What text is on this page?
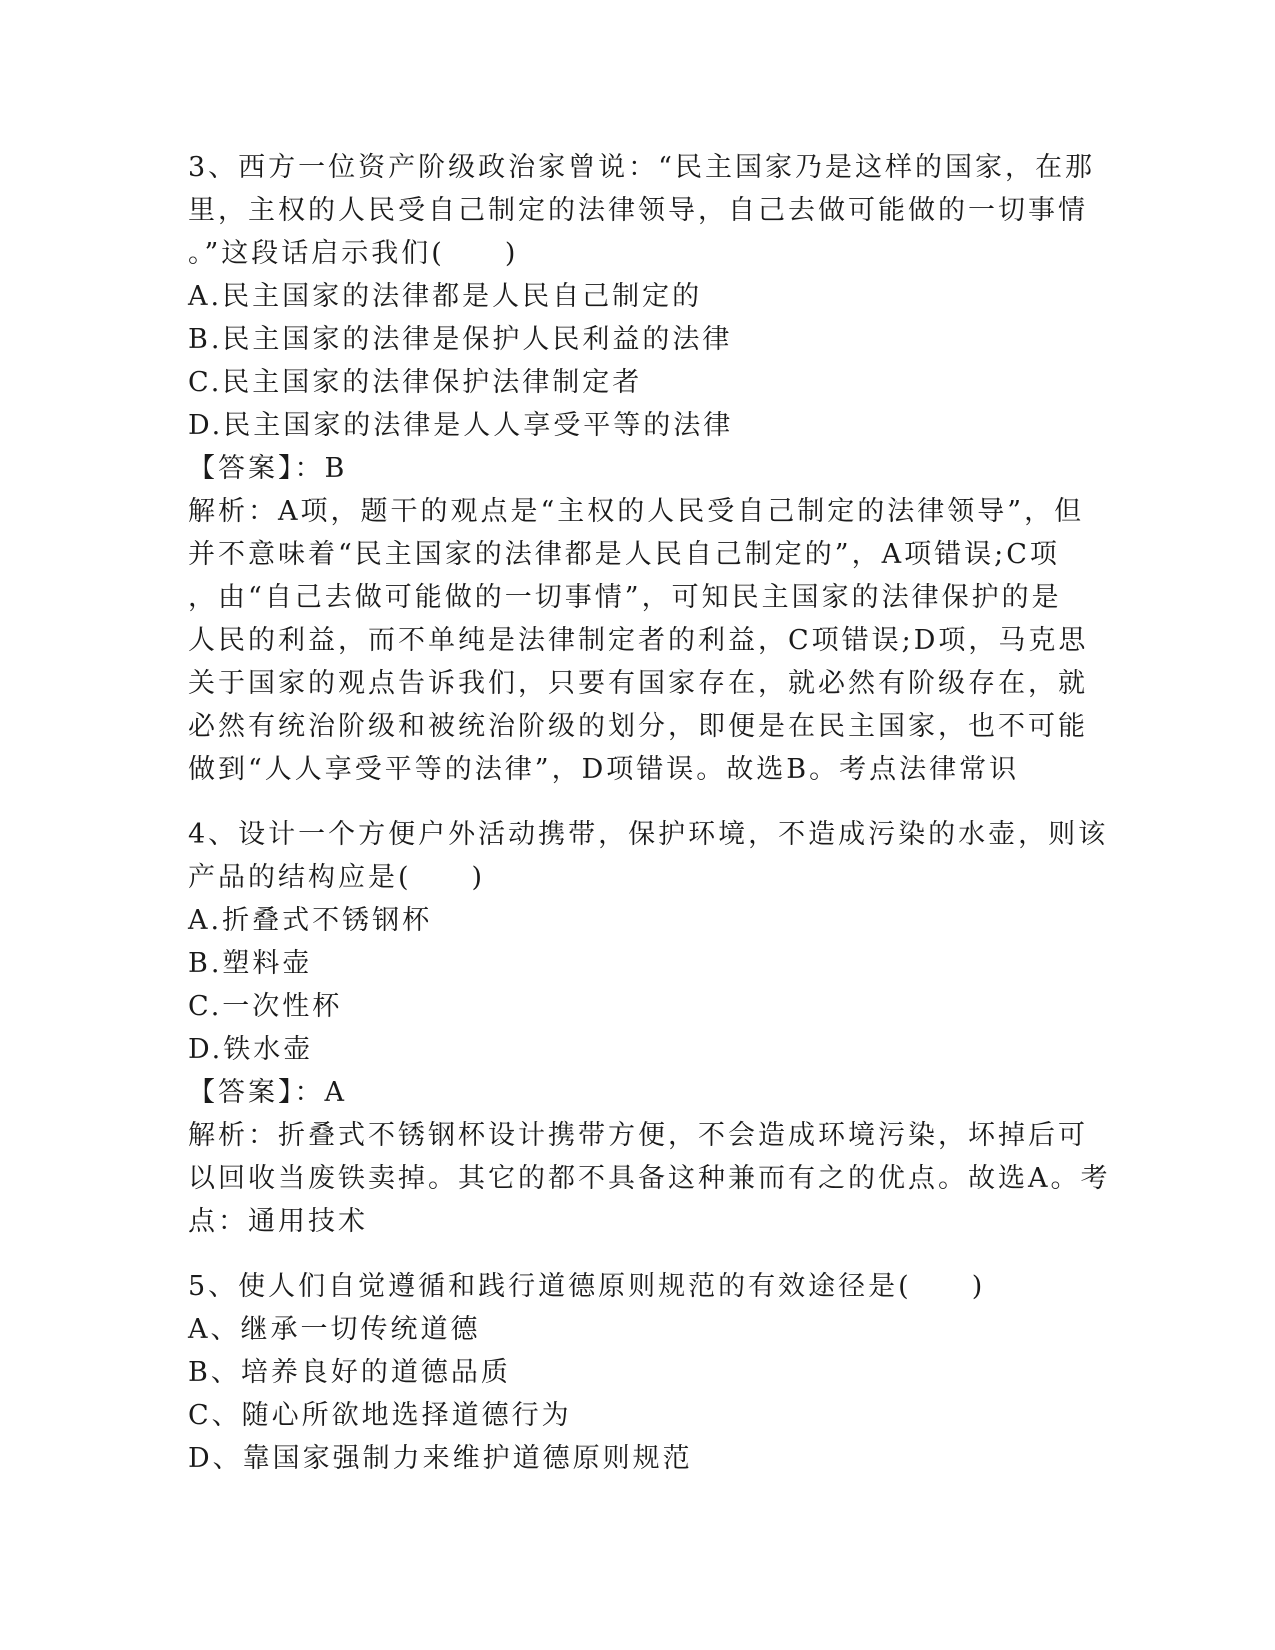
3、西方一位资产阶级政治家曾说：“民主国家乃是这样的国家，在那
里，主权的人民受自己制定的法律领导，自己去做可能做的一切事情
。”这段话启示我们(　　)
A.民主国家的法律都是人民自己制定的
B.民主国家的法律是保护人民利益的法律
C.民主国家的法律保护法律制定者
D.民主国家的法律是人人享受平等的法律
【答案】：B
解析：A项，题干的观点是“主权的人民受自己制定的法律领导”，但
并不意味着“民主国家的法律都是人民自己制定的”，A项错误;C项
，由“自己去做可能做的一切事情”，可知民主国家的法律保护的是
人民的利益，而不单纯是法律制定者的利益，C项错误;D项，马克思
关于国家的观点告诉我们，只要有国家存在，就必然有阶级存在，就
必然有统治阶级和被统治阶级的划分，即便是在民主国家，也不可能
做到“人人享受平等的法律”，D项错误。故选B。考点法律常识
4、设计一个方便户外活动携带，保护环境，不造成污染的水壶，则该
产品的结构应是(　　)
A.折叠式不锈钢杯
B.塑料壶
C.一次性杯
D.铁水壶
【答案】：A
解析：折叠式不锈钢杯设计携带方便，不会造成环境污染，坏掉后可
以回收当废铁卖掉。其它的都不具备这种兼而有之的优点。故选A。考
点：通用技术
5、使人们自觉遵循和践行道德原则规范的有效途径是(　　)
A、继承一切传统道德
B、培养良好的道德品质
C、随心所欲地选择道德行为
D、靠国家强制力来维护道德原则规范
